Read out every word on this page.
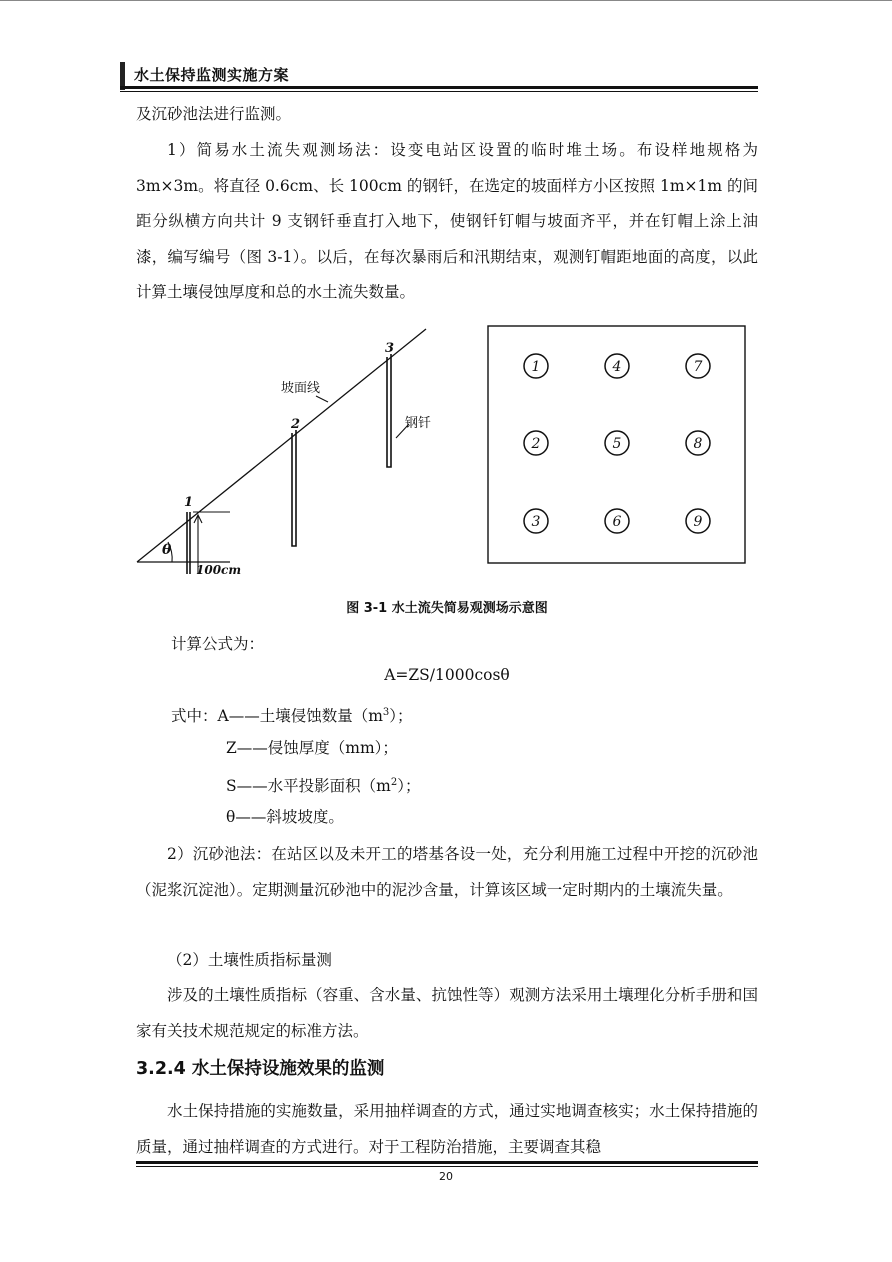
水土保持监测实施方案

及沉砂池法进行监测。

1）简易水土流失观测场法：设变电站区设置的临时堆土场。布设样地规格为 3m×3m。将直径 0.6cm、长 100cm 的钢钎，在选定的坡面样方小区按照 1m×1m 的间距分纵横方向共计 9 支钢钎垂直打入地下，使钢钎钉帽与坡面齐平，并在钉帽上涂上油漆，编写编号（图 3-1）。以后，在每次暴雨后和汛期结束，观测钉帽距地面的高度，以此计算土壤侵蚀厚度和总的水土流失数量。

1
2
3
θ
100cm
坡面线
钢钎
1	4	7
2	5	8
3	6	9
图 3-1 水土流失简易观测场示意图
计算公式为：
A=ZS/1000cosθ
式中：A——土壤侵蚀数量$(m^3)$；
Z——侵蚀厚度（mm）；
S——水平投影面积$(m^2)$；
θ——斜坡坡度。

2）沉砂池法：在站区以及未开工的塔基各设一处，充分利用施工过程中开挖的沉砂池（泥浆沉淀池）。定期测量沉砂池中的泥沙含量，计算该区域一定时期内的土壤流失量。

（2）土壤性质指标量测

涉及的土壤性质指标（容重、含水量、抗蚀性等）观测方法采用土壤理化分析手册和国家有关技术规范规定的标准方法。

3.2.4 水土保持设施效果的监测

水土保持措施的实施数量，采用抽样调查的方式，通过实地调查核实；水土保持措施的质量，通过抽样调查的方式进行。对于工程防治措施，主要调查其稳

20
